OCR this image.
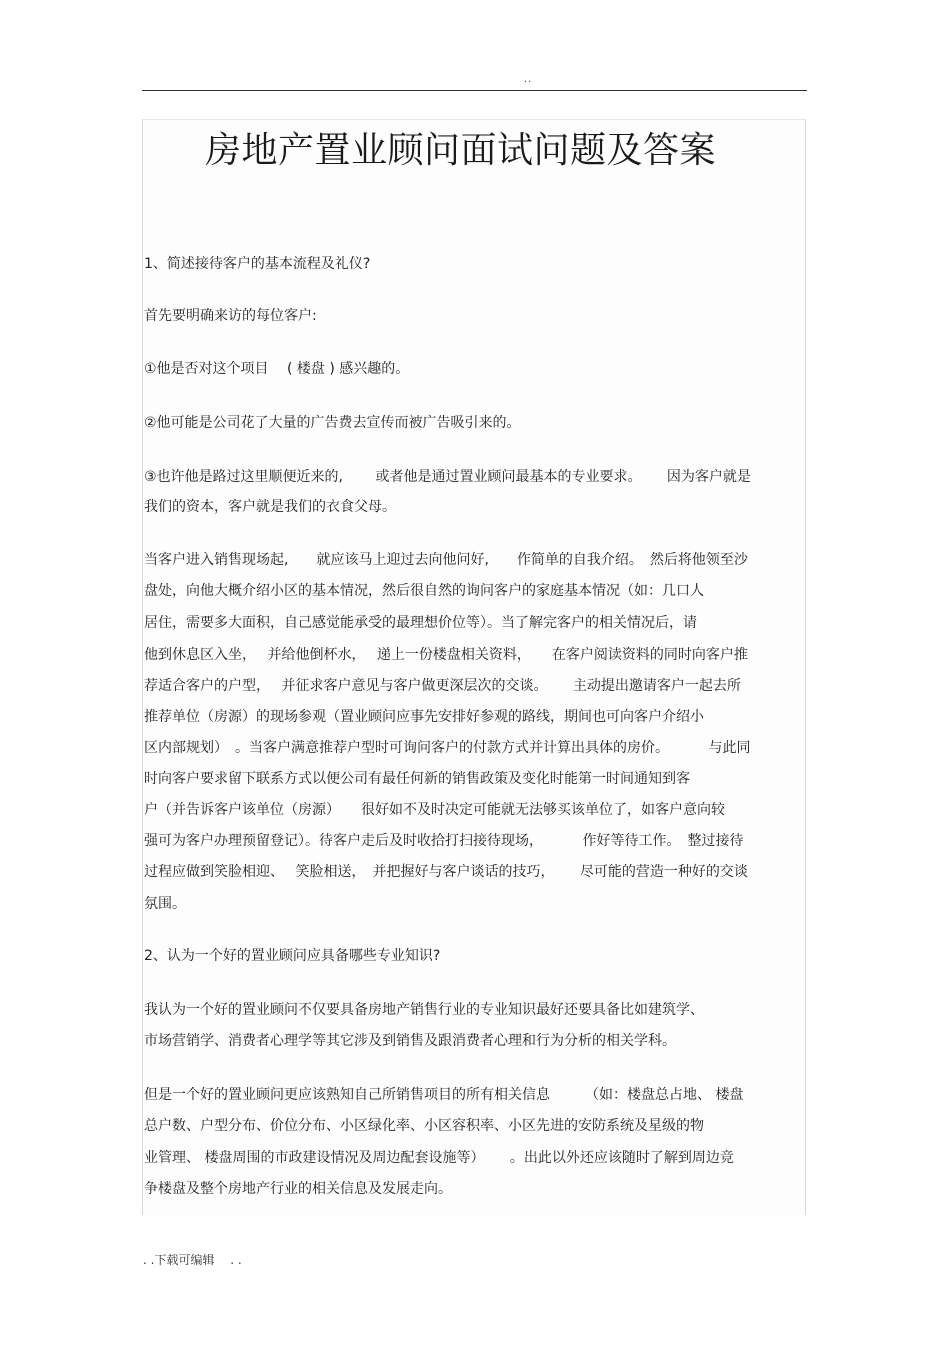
..
房地产置业顾问面试问题及答案

1、简述接待客户的基本流程及礼仪?

首先要明确来访的每位客户:

①他是否对这个项目　 ( 楼盘 ) 感兴趣的。

②他可能是公司花了大量的广告费去宣传而被广告吸引来的。

③也许他是路过这里顺便近来的,　　 或者他是通过置业顾问最基本的专业要求。　　 因为客户就是

我们的资本，客户就是我们的衣食父母。

当客户进入销售现场起,　　就应该马上迎过去向他问好,　　作简单的自我介绍。　然后将他领至沙

盘处，向他大概介绍小区的基本情况，然后很自然的询问客户的家庭基本情况（如：几口人

居住，需要多大面积，自己感觉能承受的最理想价位等）。当了解完客户的相关情况后，请

他到休息区入坐，　 并给他倒杯水，　 递上一份楼盘相关资料，　　在客户阅读资料的同时向客户推

荐适合客户的户型，　 并征求客户意见与客户做更深层次的交谈。　　 主动提出邀请客户一起去所

推荐单位（房源）的现场参观（置业顾问应事先安排好参观的路线，期间也可向客户介绍小

区内部规划）　。当客户满意推荐户型时可询问客户的付款方式并计算出具体的房价。　　　 与此同

时向客户要求留下联系方式以便公司有最任何新的销售政策及变化时能第一时间通知到客

户（并告诉客户该单位（房源）　　很好如不及时决定可能就无法够买该单位了，如客户意向较

强可为客户办理预留登记）。待客户走后及时收拾打扫接待现场，　　　 作好等待工作。　整过接待

过程应做到笑脸相迎、　 笑脸相送，　并把握好与客户谈话的技巧，　　 尽可能的营造一种好的交谈

氛围。

2、认为一个好的置业顾问应具备哪些专业知识?

我认为一个好的置业顾问不仅要具备房地产销售行业的专业知识最好还要具备比如建筑学、

市场营销学、消费者心理学等其它涉及到销售及跟消费者心理和行为分析的相关学科。

但是一个好的置业顾问更应该熟知自己所销售项目的所有相关信息　　　（如：楼盘总占地、 楼盘

总户数、户型分布、价位分布、小区绿化率、小区容积率、小区先进的安防系统及星级的物

业管理、 楼盘周围的市政建设情况及周边配套设施等）　　 。出此以外还应该随时了解到周边竞

争楼盘及整个房地产行业的相关信息及发展走向。

. .下载可编辑　 . .
